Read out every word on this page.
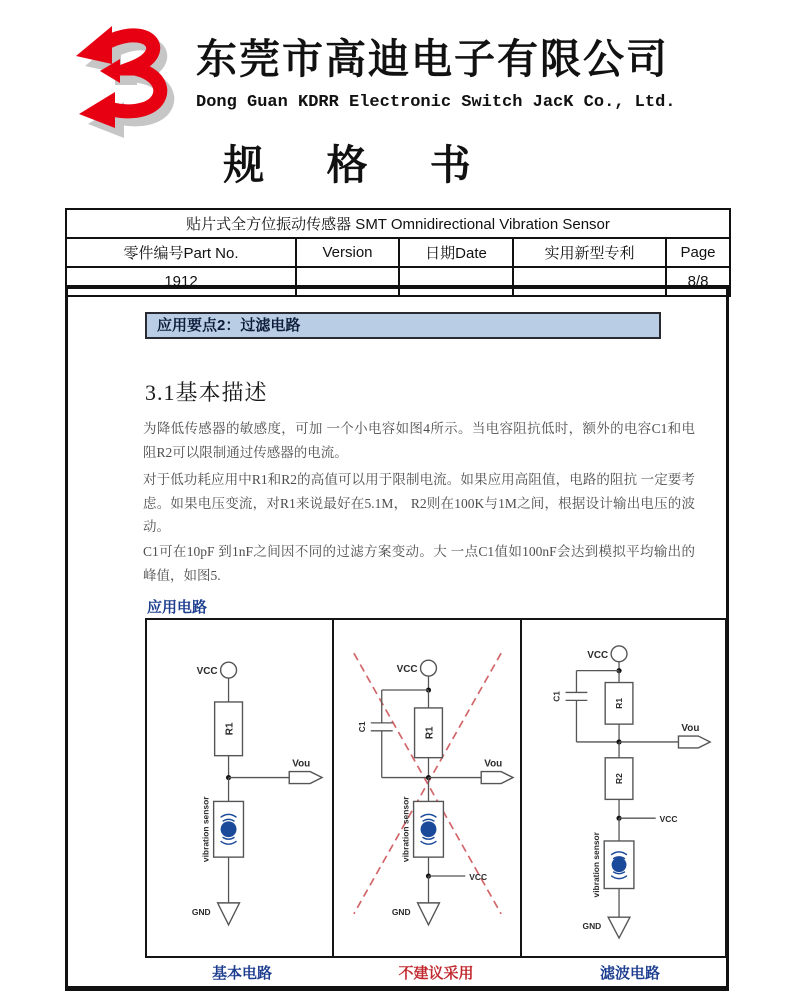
东莞市高迪电子有限公司
Dong Guan KDRR Electronic Switch JacK Co., Ltd.
规 格 书
贴片式全方位振动传感器 SMT Omnidirectional Vibration Sensor				
零件编号Part No.	Version	日期Date	实用新型专利	Page
1912				8/8
应用要点2：过滤电路
3.1基本描述
为降低传感器的敏感度，可加 一个小电容如图4所示。当电容阻抗低时，额外的电容C1和电阻R2可以限制通过传感器的电流。
对于低功耗应用中R1和R2的高值可以用于限制电流。如果应用高阻值，电路的阻抗 一定要考虑。如果电压变流，对R1来说最好在5.1M， R2则在100K与1M之间，根据设计输出电压的波动。
C1可在10pF 到1nF之间因不同的过滤方案变动。大 一点C1值如100nF会达到模拟平均输出的峰值，如图5.
应用电路
VCC
R1
Vou
vibration sensor
GND
VCC
C1	R1
Vou
vibration sensor
VCC
GND
VCC
C1
R1
Vou
R2
VCC
vibration sensor
GND
基本电路	不建议采用	滤波电路
